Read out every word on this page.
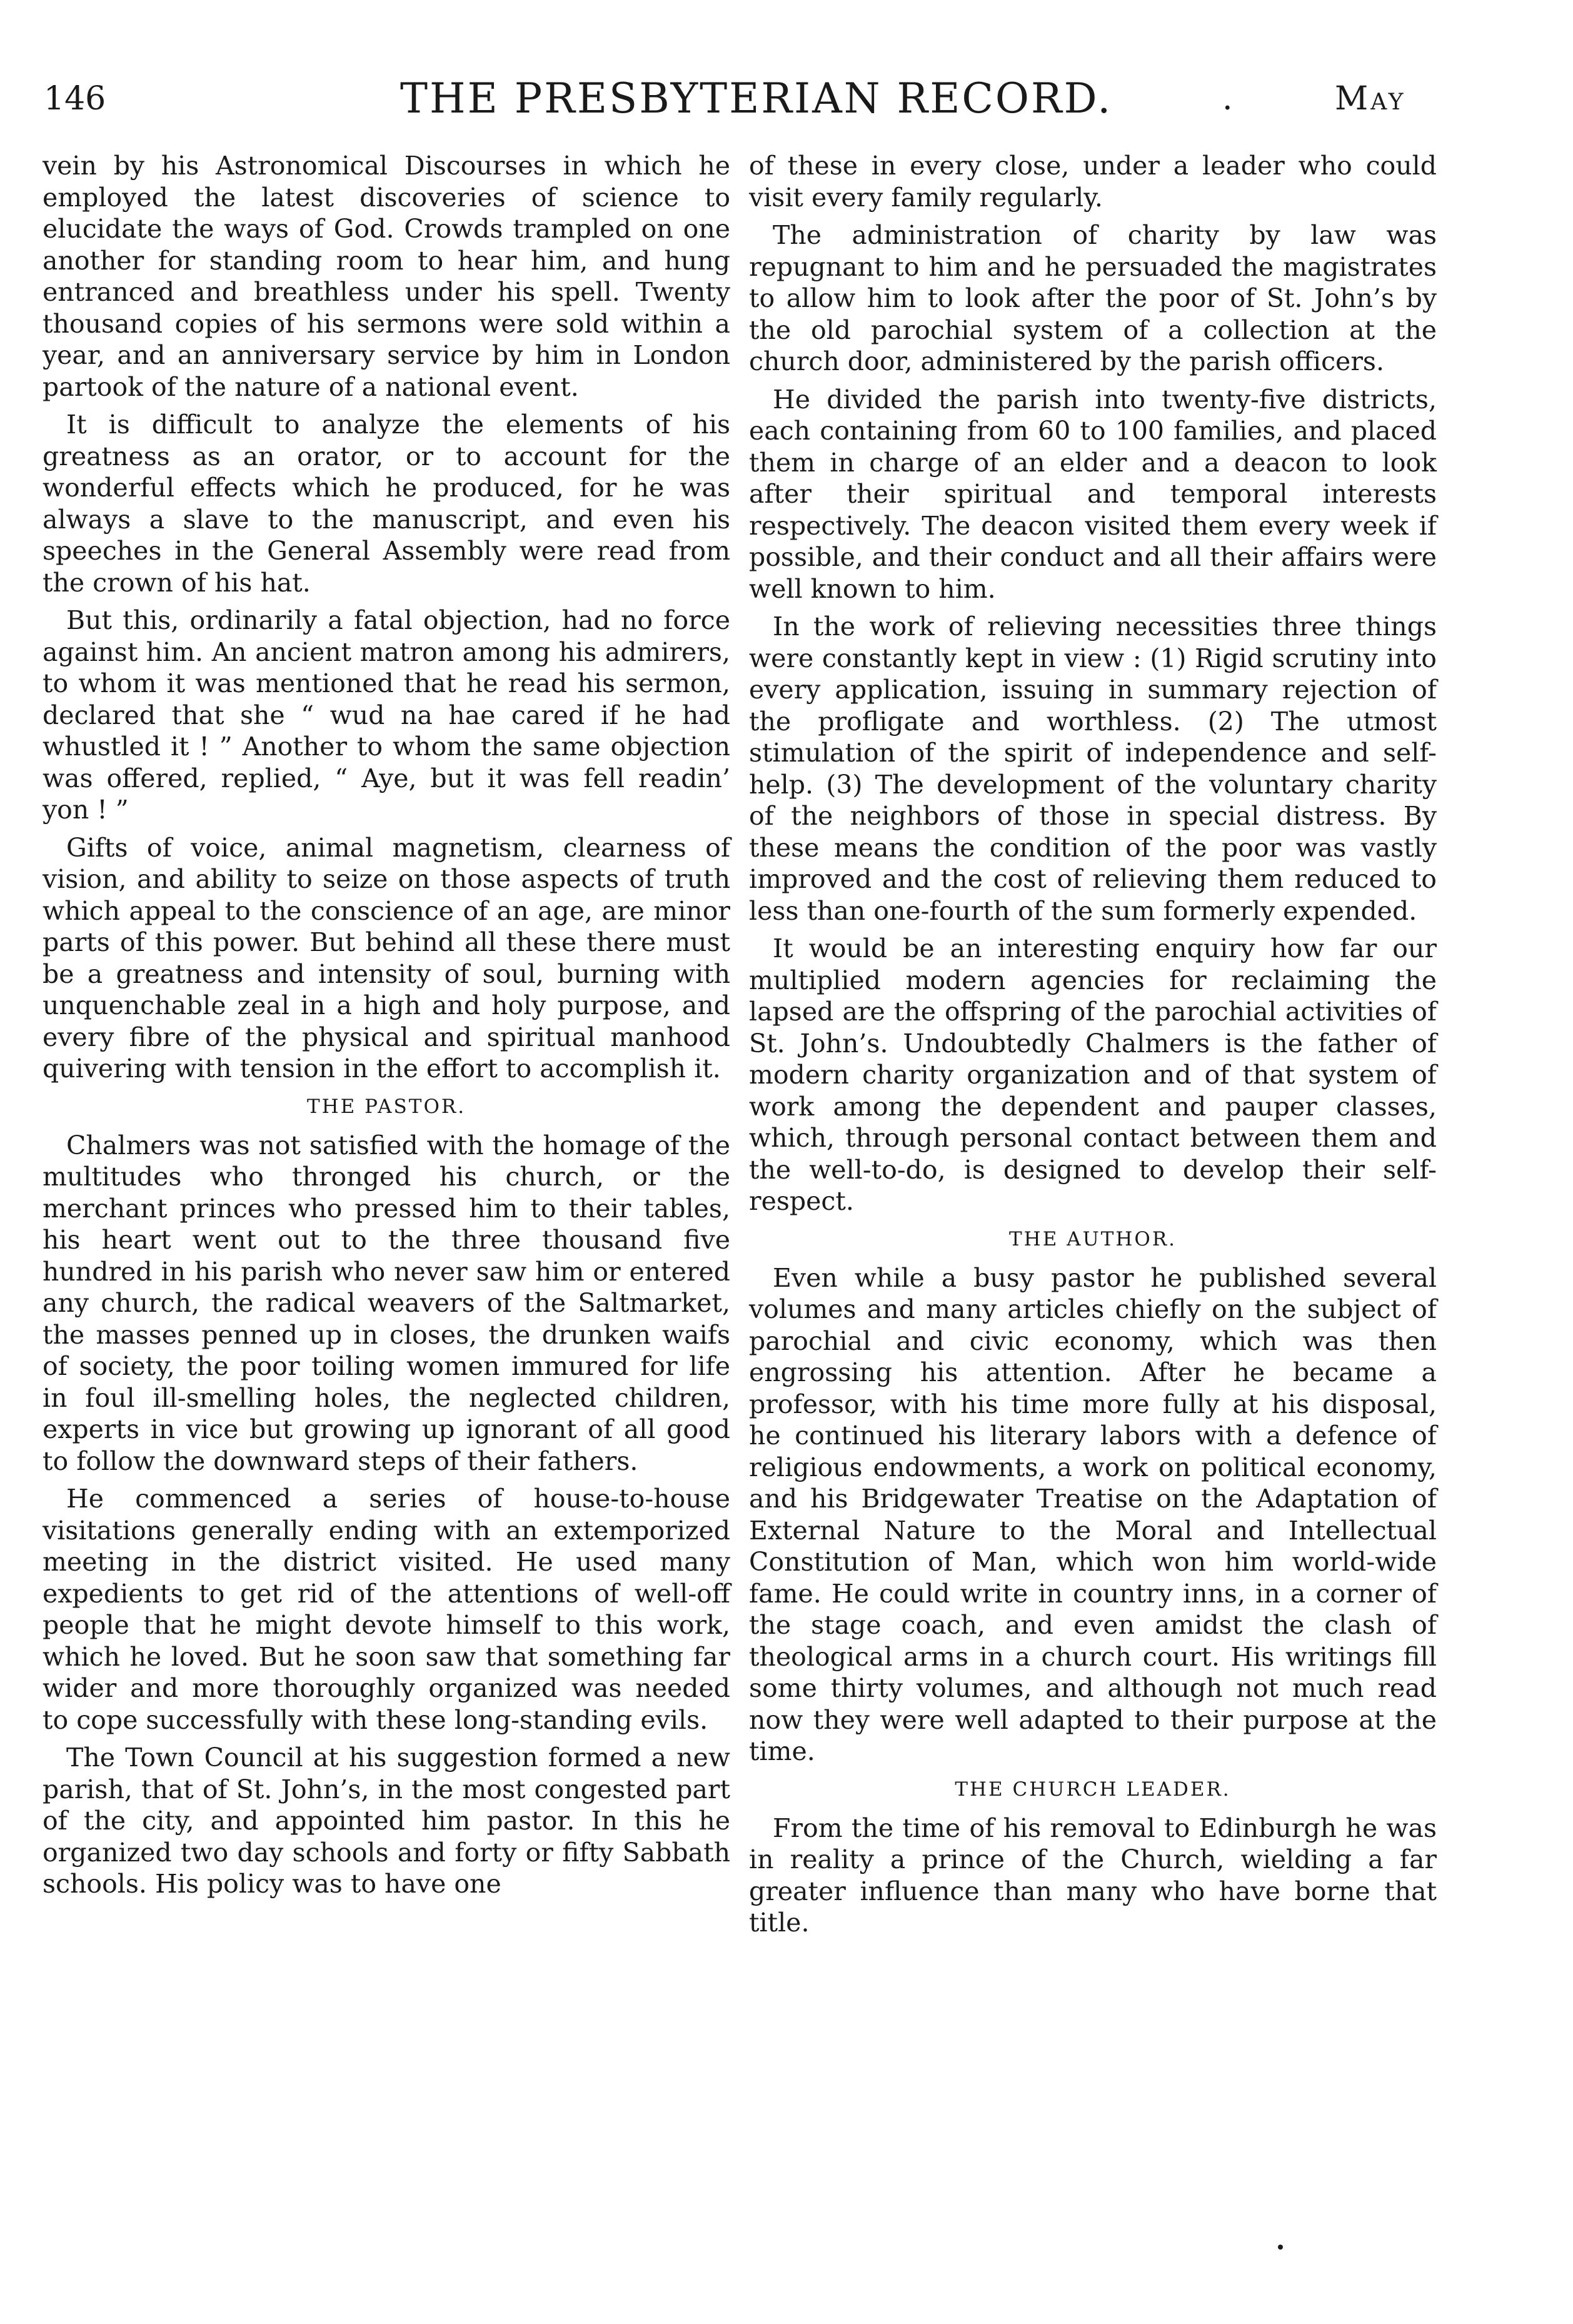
146	THE PRESBYTERIAN RECORD.	.	May

vein by his Astronomical Discourses in which he employed the latest discoveries of science to elucidate the ways of God. Crowds trampled on one another for standing room to hear him, and hung entranced and breathless under his spell. Twenty thousand copies of his sermons were sold within a year, and an anniversary service by him in London partook of the nature of a national event.

It is difficult to analyze the elements of his greatness as an orator, or to account for the wonderful effects which he produced, for he was always a slave to the manuscript, and even his speeches in the General Assembly were read from the crown of his hat.

But this, ordinarily a fatal objection, had no force against him. An ancient matron among his admirers, to whom it was mentioned that he read his sermon, declared that she “ wud na hae cared if he had whustled it ! ” Another to whom the same objection was offered, replied, “ Aye, but it was fell readin’ yon ! ”

Gifts of voice, animal magnetism, clearness of vision, and ability to seize on those aspects of truth which appeal to the conscience of an age, are minor parts of this power. But behind all these there must be a greatness and intensity of soul, burning with unquenchable zeal in a high and holy purpose, and every fibre of the physical and spiritual manhood quivering with tension in the effort to accomplish it.

THE PASTOR.

Chalmers was not satisfied with the homage of the multitudes who thronged his church, or the merchant princes who pressed him to their tables, his heart went out to the three thousand five hundred in his parish who never saw him or entered any church, the radical weavers of the Saltmarket, the masses penned up in closes, the drunken waifs of society, the poor toiling women immured for life in foul ill-smelling holes, the neglected children, experts in vice but growing up ignorant of all good to follow the downward steps of their fathers.

He commenced a series of house-to-house visitations generally ending with an extemporized meeting in the district visited. He used many expedients to get rid of the attentions of well-off people that he might devote himself to this work, which he loved. But he soon saw that something far wider and more thoroughly organized was needed to cope successfully with these long-standing evils.

The Town Council at his suggestion formed a new parish, that of St. John’s, in the most congested part of the city, and appointed him pastor. In this he organized two day schools and forty or fifty Sabbath schools. His policy was to have one

of these in every close, under a leader who could visit every family regularly.

The administration of charity by law was repugnant to him and he persuaded the magistrates to allow him to look after the poor of St. John’s by the old parochial system of a collection at the church door, administered by the parish officers.

He divided the parish into twenty-five districts, each containing from 60 to 100 families, and placed them in charge of an elder and a deacon to look after their spiritual and temporal interests respectively. The deacon visited them every week if possible, and their conduct and all their affairs were well known to him.

In the work of relieving necessities three things were constantly kept in view : (1) Rigid scrutiny into every application, issuing in summary rejection of the profligate and worthless. (2) The utmost stimulation of the spirit of independence and self-help. (3) The development of the voluntary charity of the neighbors of those in special distress. By these means the condition of the poor was vastly improved and the cost of relieving them reduced to less than one-fourth of the sum formerly expended.

It would be an interesting enquiry how far our multiplied modern agencies for reclaiming the lapsed are the offspring of the parochial activities of St. John’s. Undoubtedly Chalmers is the father of modern charity organization and of that system of work among the dependent and pauper classes, which, through personal contact between them and the well-to-do, is designed to develop their self-respect.

THE AUTHOR.

Even while a busy pastor he published several volumes and many articles chiefly on the subject of parochial and civic economy, which was then engrossing his attention. After he became a professor, with his time more fully at his disposal, he continued his literary labors with a defence of religious endowments, a work on political economy, and his Bridgewater Treatise on the Adaptation of External Nature to the Moral and Intellectual Constitution of Man, which won him world-wide fame. He could write in country inns, in a corner of the stage coach, and even amidst the clash of theological arms in a church court. His writings fill some thirty volumes, and although not much read now they were well adapted to their purpose at the time.

THE CHURCH LEADER.

From the time of his removal to Edinburgh he was in reality a prince of the Church, wielding a far greater influence than many who have borne that title.
